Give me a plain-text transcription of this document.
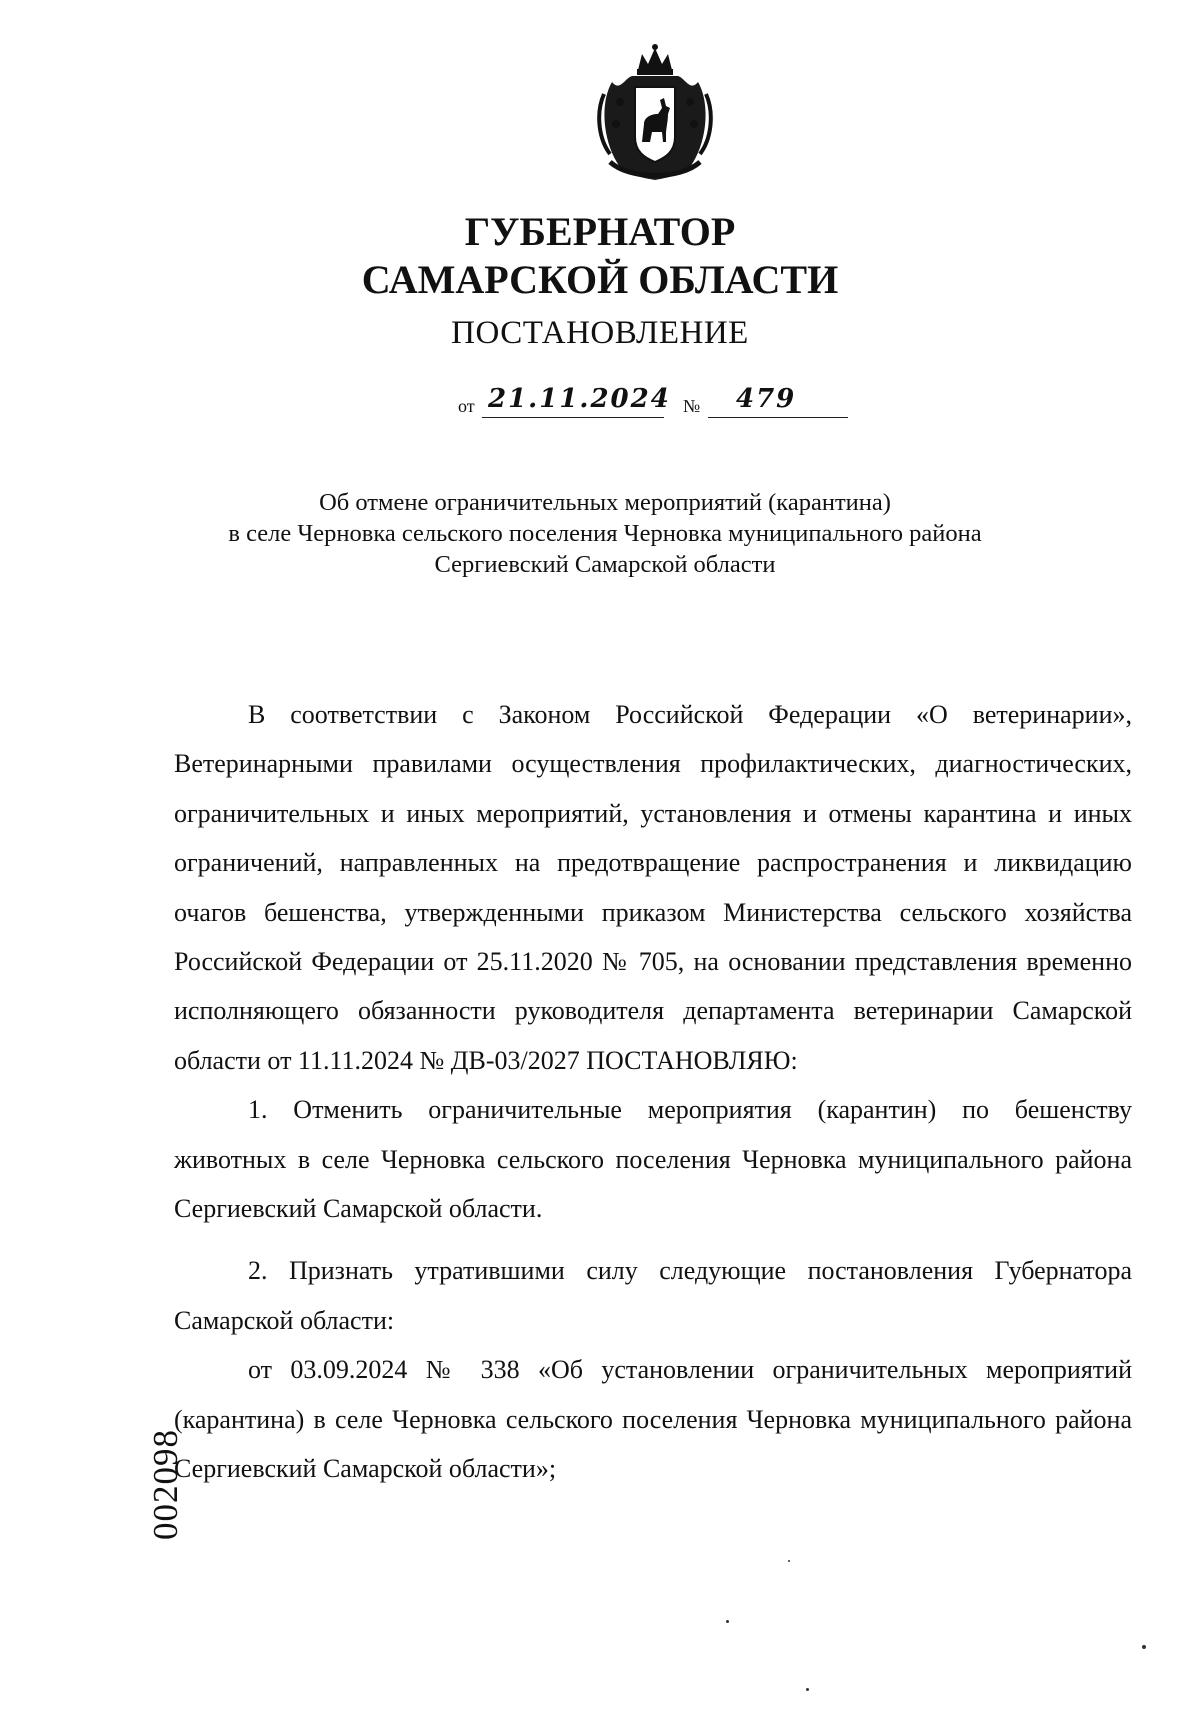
ГУБЕРНАТОР
САМАРСКОЙ ОБЛАСТИ
ПОСТАНОВЛЕНИЕ
от 21.11.2024 № 479
Об отмене ограничительных мероприятий (карантина)
в селе Черновка сельского поселения Черновка муниципального района
Сергиевский Самарской области

В соответствии с Законом Российской Федерации «О ветеринарии», Ветеринарными правилами осуществления профилактических, диагностических, ограничительных и иных мероприятий, установления и отмены карантина и иных ограничений, направленных на предотвращение распространения и ликвидацию очагов бешенства, утвержденными приказом Министерства сельского хозяйства Российской Федерации от 25.11.2020 № 705, на основании представления временно исполняющего обязанности руководителя департамента ветеринарии Самарской области от 11.11.2024 № ДВ-03/2027 ПОСТАНОВЛЯЮ:

1. Отменить ограничительные мероприятия (карантин) по бешенству животных в селе Черновка сельского поселения Черновка муниципального района Сергиевский Самарской области.

2. Признать утратившими силу следующие постановления Губернатора Самарской области:

от 03.09.2024 № 338 «Об установлении ограничительных мероприятий (карантина) в селе Черновка сельского поселения Черновка муниципального района Сергиевский Самарской области»;

002098
